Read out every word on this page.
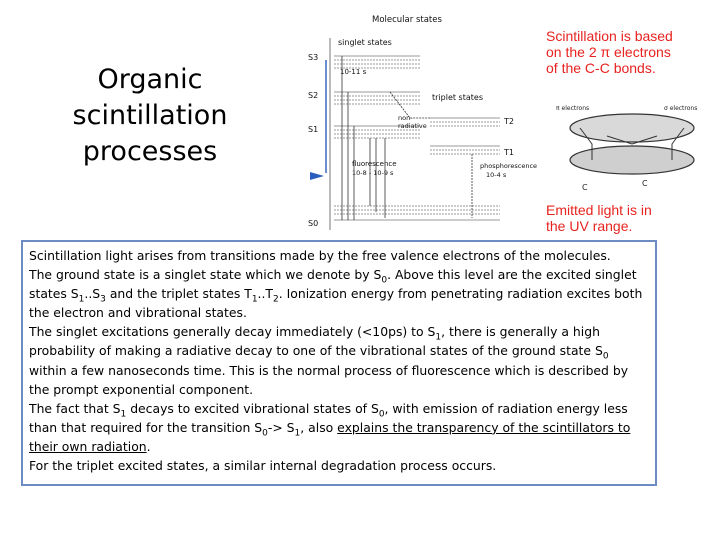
Organic
scintillation
processes
Molecular states
singlet states
triplet states
S3
S2
S1
S0
T2
T1
10-11 s
non-
radiative
fluorescence
10-8 - 10-9 s
phosphorescence
10-4 s
Scintillation is based
on the 2 π electrons
of the C-C bonds.
π electrons	σ electrons
C	C
Emitted light is in
the UV range.

Scintillation light arises from transitions made by the free valence electrons of the molecules.

The ground state is a singlet state which we denote by $S_0$. Above this level are the excited singlet states $S_1..S_3$ and the triplet states $T_1..T_2$. Ionization energy from penetrating radiation excites both the electron and vibrational states.

The singlet excitations generally decay immediately (<10ps) to $S_1$, there is generally a high probability of making a radiative decay to one of the vibrational states of the ground state $S_0$ within a few nanoseconds time. This is the normal process of fluorescence which is described by the prompt exponential component.

The fact that $S_1$ decays to excited vibrational states of $S_0$, with emission of radiation energy less than that required for the transition $S_0-> S_1$, also explains the transparency of the scintillators to their own radiation.

For the triplet excited states, a similar internal degradation process occurs.
